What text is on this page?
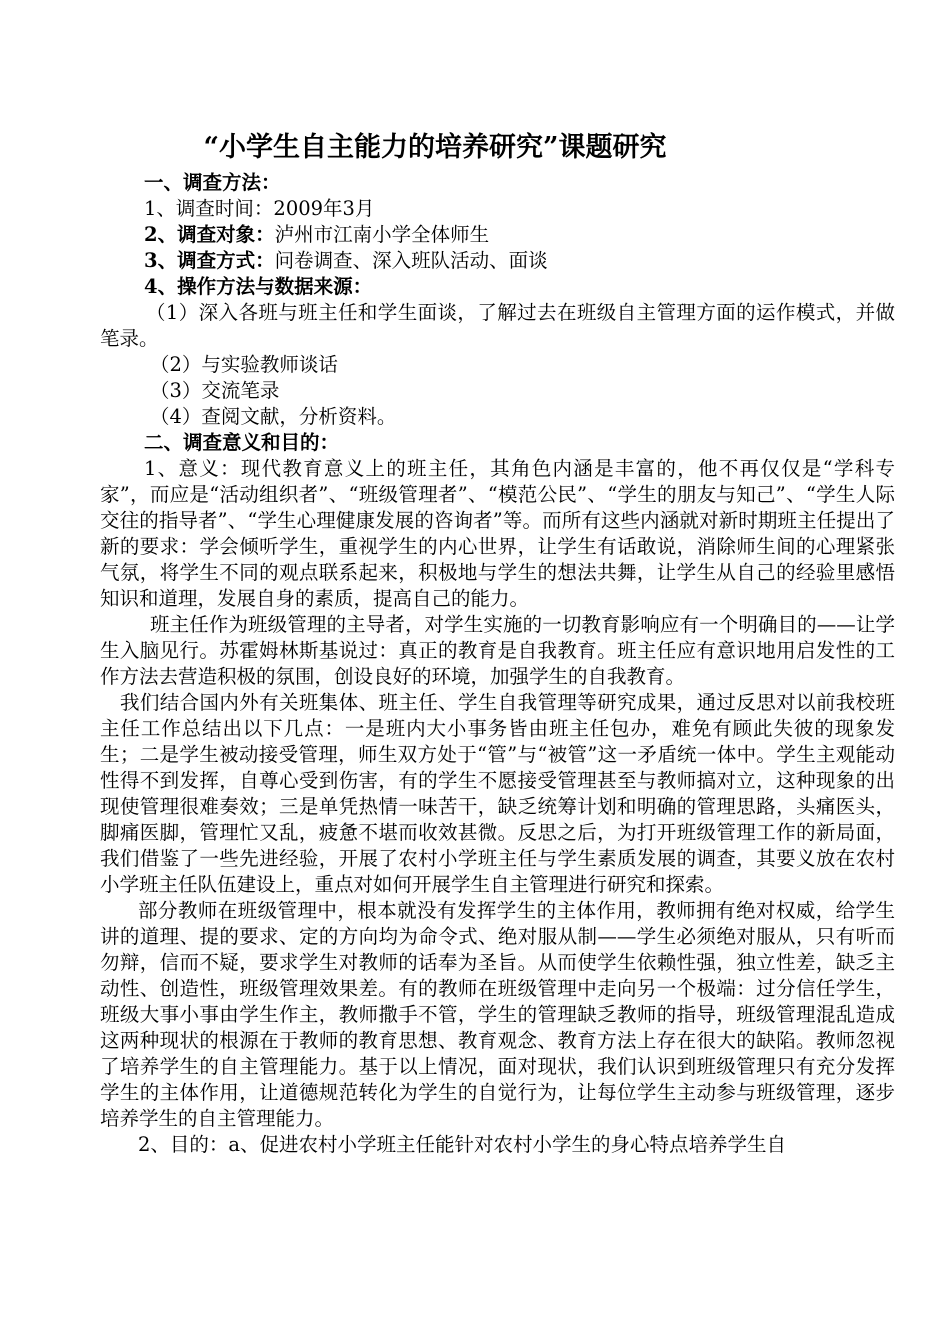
“小学生自主能力的培养研究”课题研究

一、调查方法：

1、调查时间：2009年3月

2、调查对象：泸州市江南小学全体师生

3、调查方式：问卷调查、深入班队活动、面谈

4、操作方法与数据来源：

（1）深入各班与班主任和学生面谈，了解过去在班级自主管理方面的运作模式，并做笔录。

（2）与实验教师谈话

（3）交流笔录

（4）查阅文献，分析资料。

二、调查意义和目的：

1、意义：现代教育意义上的班主任，其角色内涵是丰富的，他不再仅仅是“学科专家”，而应是“活动组织者”、“班级管理者”、“模范公民”、“学生的朋友与知己”、“学生人际交往的指导者”、“学生心理健康发展的咨询者”等。而所有这些内涵就对新时期班主任提出了新的要求：学会倾听学生，重视学生的内心世界，让学生有话敢说，消除师生间的心理紧张气氛，将学生不同的观点联系起来，积极地与学生的想法共舞，让学生从自己的经验里感悟知识和道理，发展自身的素质，提高自己的能力。

班主任作为班级管理的主导者，对学生实施的一切教育影响应有一个明确目的——让学生入脑见行。苏霍姆林斯基说过：真正的教育是自我教育。班主任应有意识地用启发性的工作方法去营造积极的氛围，创设良好的环境，加强学生的自我教育。

我们结合国内外有关班集体、班主任、学生自我管理等研究成果，通过反思对以前我校班主任工作总结出以下几点：一是班内大小事务皆由班主任包办，难免有顾此失彼的现象发生；二是学生被动接受管理，师生双方处于“管”与“被管”这一矛盾统一体中。学生主观能动性得不到发挥，自尊心受到伤害，有的学生不愿接受管理甚至与教师搞对立，这种现象的出现使管理很难奏效；三是单凭热情一味苦干，缺乏统筹计划和明确的管理思路，头痛医头，脚痛医脚，管理忙又乱，疲惫不堪而收效甚微。反思之后，为打开班级管理工作的新局面，我们借鉴了一些先进经验，开展了农村小学班主任与学生素质发展的调查，其要义放在农村小学班主任队伍建设上，重点对如何开展学生自主管理进行研究和探索。

部分教师在班级管理中，根本就没有发挥学生的主体作用，教师拥有绝对权威，给学生讲的道理、提的要求、定的方向均为命令式、绝对服从制——学生必须绝对服从，只有听而勿辩，信而不疑，要求学生对教师的话奉为圣旨。从而使学生依赖性强，独立性差，缺乏主动性、创造性，班级管理效果差。有的教师在班级管理中走向另一个极端：过分信任学生，班级大事小事由学生作主，教师撒手不管，学生的管理缺乏教师的指导，班级管理混乱造成这两种现状的根源在于教师的教育思想、教育观念、教育方法上存在很大的缺陷。教师忽视了培养学生的自主管理能力。基于以上情况，面对现状，我们认识到班级管理只有充分发挥学生的主体作用，让道德规范转化为学生的自觉行为，让每位学生主动参与班级管理，逐步培养学生的自主管理能力。

2、目的：a、促进农村小学班主任能针对农村小学生的身心特点培养学生自
